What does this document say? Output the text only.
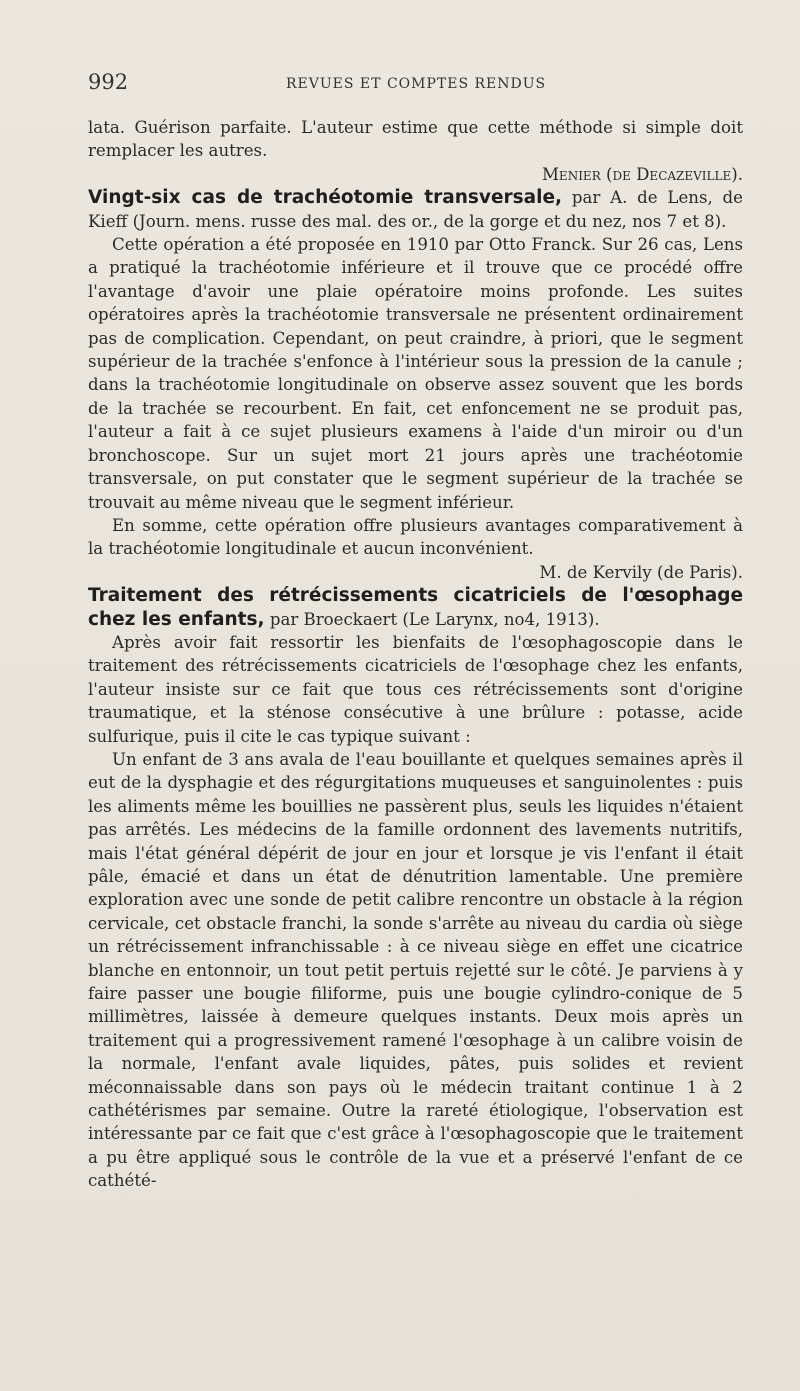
992	REVUES ET COMPTES RENDUS

lata. Guérison parfaite. L'auteur estime que cette méthode si simple doit remplacer les autres.

Menier (de Decazeville).

Vingt-six cas de trachéotomie transversale, par A. de Lens, de Kieff (Journ. mens. russe des mal. des or., de la gorge et du nez, nos 7 et 8).

Cette opération a été proposée en 1910 par Otto Franck. Sur 26 cas, Lens a pratiqué la trachéotomie inférieure et il trouve que ce procédé offre l'avantage d'avoir une plaie opératoire moins profonde. Les suites opératoires après la trachéotomie transversale ne présentent ordinairement pas de complication. Cependant, on peut craindre, à priori, que le segment supérieur de la trachée s'enfonce à l'intérieur sous la pression de la canule ; dans la trachéotomie longitudinale on observe assez souvent que les bords de la trachée se recourbent. En fait, cet enfoncement ne se produit pas, l'auteur a fait à ce sujet plusieurs examens à l'aide d'un miroir ou d'un bronchoscope. Sur un sujet mort 21 jours après une trachéotomie transversale, on put constater que le segment supérieur de la trachée se trouvait au même niveau que le segment inférieur.

En somme, cette opération offre plusieurs avantages comparativement à la trachéotomie longitudinale et aucun inconvénient.

M. de Kervily (de Paris).

Traitement des rétrécissements cicatriciels de l'œsophage chez les enfants, par Broeckaert (Le Larynx, no4, 1913).

Après avoir fait ressortir les bienfaits de l'œsophagoscopie dans le traitement des rétrécissements cicatriciels de l'œsophage chez les enfants, l'auteur insiste sur ce fait que tous ces rétrécissements sont d'origine traumatique, et la sténose consécutive à une brûlure : potasse, acide sulfurique, puis il cite le cas typique suivant :

Un enfant de 3 ans avala de l'eau bouillante et quelques semaines après il eut de la dysphagie et des régurgitations muqueuses et sanguinolentes : puis les aliments même les bouillies ne passèrent plus, seuls les liquides n'étaient pas arrêtés. Les médecins de la famille ordonnent des lavements nutritifs, mais l'état général dépérit de jour en jour et lorsque je vis l'enfant il était pâle, émacié et dans un état de dénutrition lamentable. Une première exploration avec une sonde de petit calibre rencontre un obstacle à la région cervicale, cet obstacle franchi, la sonde s'arrête au niveau du cardia où siège un rétrécissement infranchissable : à ce niveau siège en effet une cicatrice blanche en entonnoir, un tout petit pertuis rejetté sur le côté. Je parviens à y faire passer une bougie filiforme, puis une bougie cylindro-conique de 5 millimètres, laissée à demeure quelques instants. Deux mois après un traitement qui a progressivement ramené l'œsophage à un calibre voisin de la normale, l'enfant avale liquides, pâtes, puis solides et revient méconnaissable dans son pays où le médecin traitant continue 1 à 2 cathétérismes par semaine. Outre la rareté étiologique, l'observation est intéressante par ce fait que c'est grâce à l'œsophagoscopie que le traitement a pu être appliqué sous le contrôle de la vue et a préservé l'enfant de ce cathété-
